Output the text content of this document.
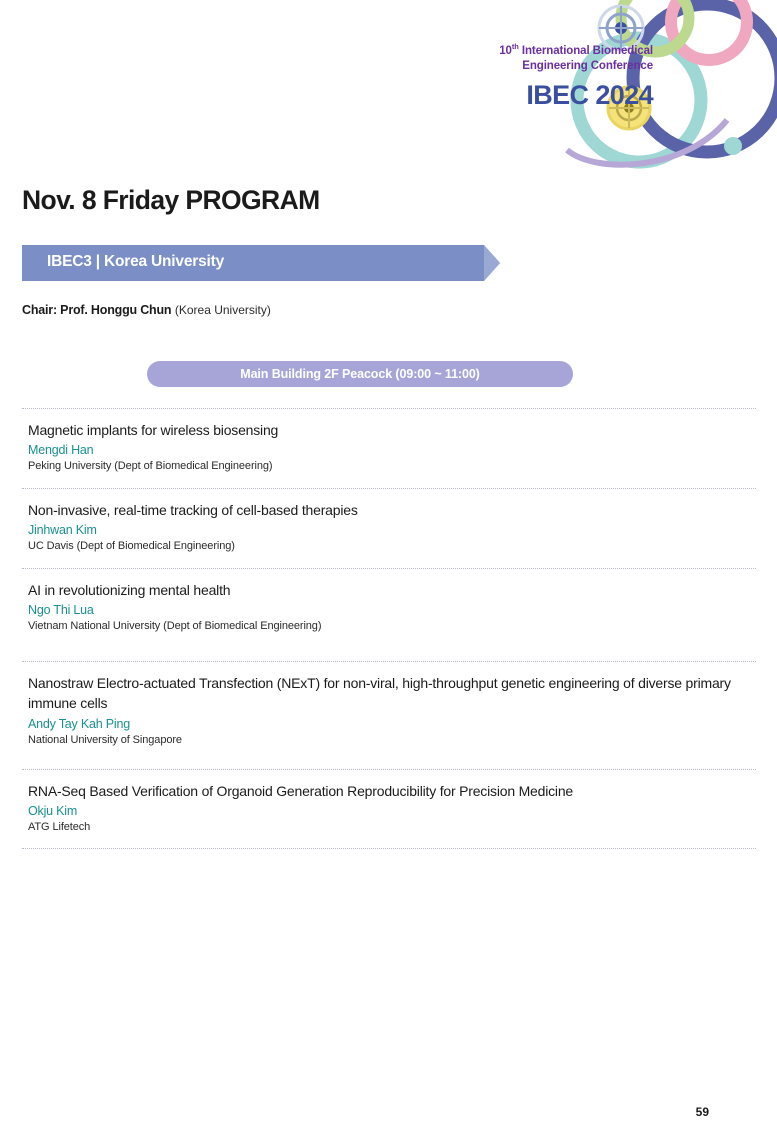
10th International Biomedical
Engineering Conference
IBEC 2024
Nov. 8 Friday PROGRAM
IBEC3 | Korea University
Chair: Prof. Honggu Chun (Korea University)
Main Building 2F Peacock (09:00 ~ 11:00)
Magnetic implants for wireless biosensing
Mengdi Han
Peking University (Dept of Biomedical Engineering)
Non-invasive, real-time tracking of cell-based therapies
Jinhwan Kim
UC Davis (Dept of Biomedical Engineering)
AI in revolutionizing mental health
Ngo Thi Lua
Vietnam National University (Dept of Biomedical Engineering)
Nanostraw Electro-actuated Transfection (NExT) for non-viral, high-throughput genetic engineering of diverse primary immune cells
Andy Tay Kah Ping
National University of Singapore
RNA-Seq Based Verification of Organoid Generation Reproducibility for Precision Medicine
Okju Kim
ATG Lifetech
59
